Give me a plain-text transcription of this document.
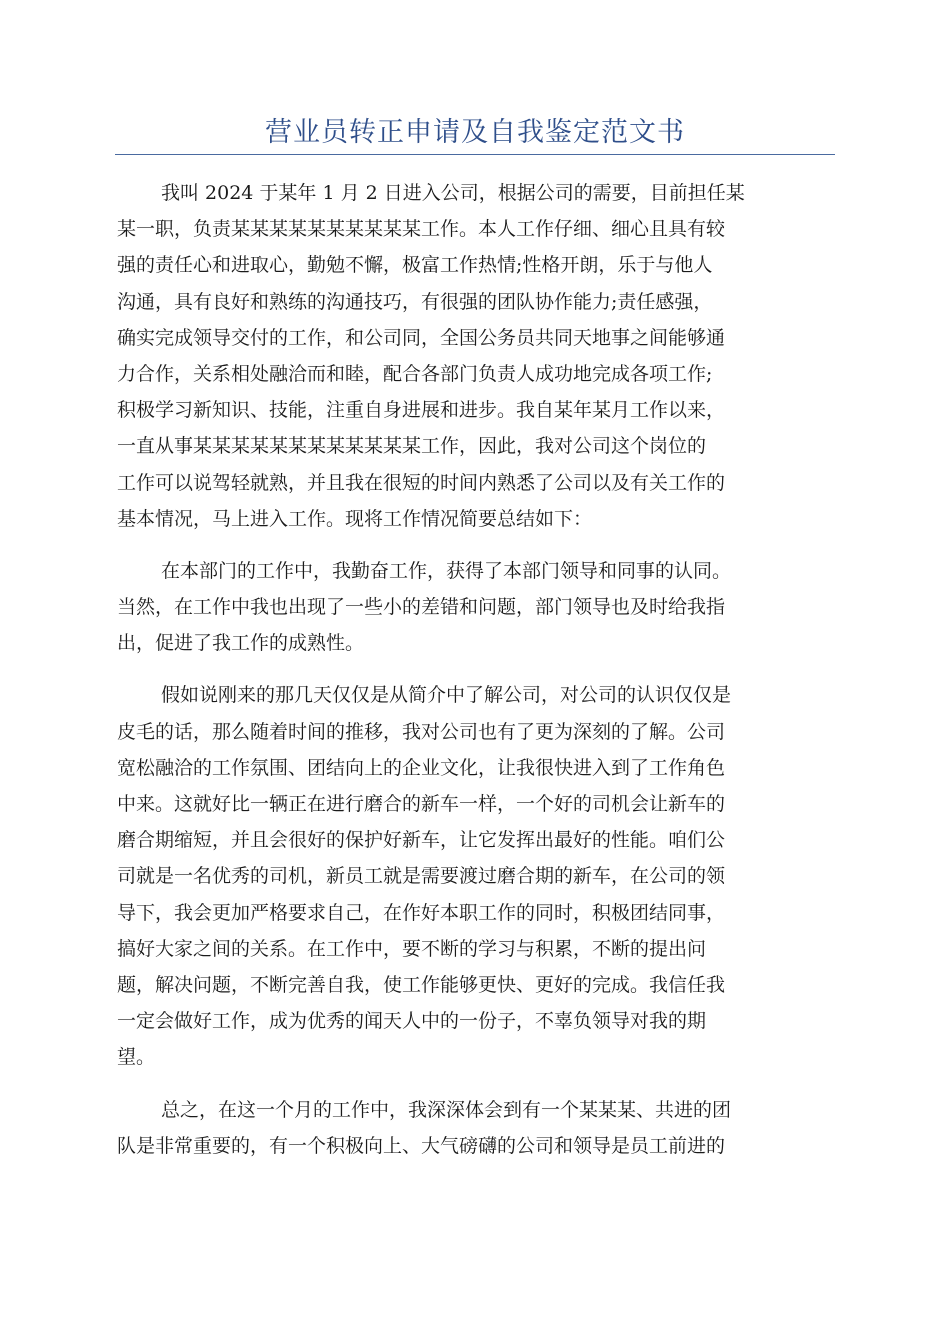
营业员转正申请及自我鉴定范文书
我叫 2024 于某年 1 月 2 日进入公司，根据公司的需要，目前担任某
某一职，负责某某某某某某某某某某工作。本人工作仔细、细心且具有较
强的责任心和进取心，勤勉不懈，极富工作热情;性格开朗，乐于与他人
沟通，具有良好和熟练的沟通技巧，有很强的团队协作能力;责任感强，
确实完成领导交付的工作，和公司同，全国公务员共同天地事之间能够通
力合作，关系相处融洽而和睦，配合各部门负责人成功地完成各项工作;
积极学习新知识、技能，注重自身进展和进步。我自某年某月工作以来，
一直从事某某某某某某某某某某某某工作，因此，我对公司这个岗位的
工作可以说驾轻就熟，并且我在很短的时间内熟悉了公司以及有关工作的
基本情况，马上进入工作。现将工作情况简要总结如下：
在本部门的工作中，我勤奋工作，获得了本部门领导和同事的认同。
当然，在工作中我也出现了一些小的差错和问题，部门领导也及时给我指
出，促进了我工作的成熟性。
假如说刚来的那几天仅仅是从简介中了解公司，对公司的认识仅仅是
皮毛的话，那么随着时间的推移，我对公司也有了更为深刻的了解。公司
宽松融洽的工作氛围、团结向上的企业文化，让我很快进入到了工作角色
中来。这就好比一辆正在进行磨合的新车一样，一个好的司机会让新车的
磨合期缩短，并且会很好的保护好新车，让它发挥出最好的性能。咱们公
司就是一名优秀的司机，新员工就是需要渡过磨合期的新车，在公司的领
导下，我会更加严格要求自己，在作好本职工作的同时，积极团结同事，
搞好大家之间的关系。在工作中，要不断的学习与积累，不断的提出问
题，解决问题，不断完善自我，使工作能够更快、更好的完成。我信任我
一定会做好工作，成为优秀的闻天人中的一份子，不辜负领导对我的期
望。
总之，在这一个月的工作中，我深深体会到有一个某某某、共进的团
队是非常重要的，有一个积极向上、大气磅礴的公司和领导是员工前进的
